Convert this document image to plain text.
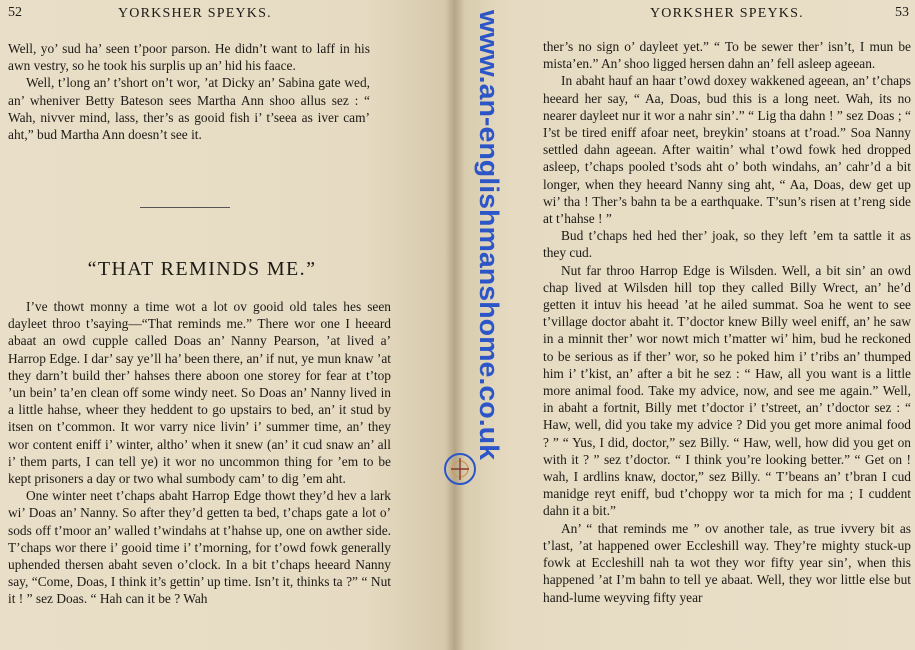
52	YORKSHER SPEYKS.

Well, yo’ sud ha’ seen t’poor parson. He didn’t want to laff in his awn vestry, so he took his surplis up an’ hid his faace.

Well, t’long an’ t’short on’t wor, ’at Dicky an’ Sabina gate wed, an’ wheniver Betty Bateson sees Martha Ann shoo allus sez : “ Wah, nivver mind, lass, ther’s as gooid fish i’ t’seea as iver cam’ aht,” bud Martha Ann doesn’t see it.

“THAT REMINDS ME.”

I’ve thowt monny a time wot a lot ov gooid old tales hes seen dayleet throo t’saying—“That reminds me.” There wor one I heeard abaat an owd cupple called Doas an’ Nanny Pearson, ’at lived a’ Harrop Edge. I dar’ say ye’ll ha’ been there, an’ if nut, ye mun knaw ’at they darn’t build ther’ hahses there aboon one storey for fear at t’top ’un bein’ ta’en clean off some windy neet. So Doas an’ Nanny lived in a little hahse, wheer they heddent to go upstairs to bed, an’ it stud by itsen on t’common. It wor varry nice livin’ i’ summer time, an’ they wor content eniff i’ winter, altho’ when it snew (an’ it cud snaw an’ all i’ them parts, I can tell ye) it wor no uncommon thing for ’em to be kept prisoners a day or two whal sumbody cam’ to dig ’em aht.

One winter neet t’chaps abaht Harrop Edge thowt they’d hev a lark wi’ Doas an’ Nanny. So after they’d getten ta bed, t’chaps gate a lot o’ sods off t’moor an’ walled t’windahs at t’hahse up, one on awther side. T’chaps wor there i’ gooid time i’ t’morning, for t’owd fowk generally uphended thersen abaht seven o’clock. In a bit t’chaps heeard Nanny say, “Come, Doas, I think it’s gettin’ up time. Isn’t it, thinks ta ?” “ Nut it ! ” sez Doas. “ Hah can it be ? Wah

YORKSHER SPEYKS.	53

ther’s no sign o’ dayleet yet.” “ To be sewer ther’ isn’t, I mun be mista’en.” An’ shoo ligged hersen dahn an’ fell asleep ageean.

In abaht hauf an haar t’owd doxey wakkened ageean, an’ t’chaps heeard her say, “ Aa, Doas, bud this is a long neet. Wah, its no nearer dayleet nur it wor a nahr sin’.” “ Lig tha dahn ! ” sez Doas ; “ I’st be tired eniff afoar neet, breykin’ stoans at t’road.” Soa Nanny settled dahn ageean. After waitin’ whal t’owd fowk hed dropped asleep, t’chaps pooled t’sods aht o’ both windahs, an’ cahr’d a bit longer, when they heeard Nanny sing aht, “ Aa, Doas, dew get up wi’ tha ! Ther’s bahn ta be a earthquake. T’sun’s risen at t’reng side at t’hahse ! ”

Bud t’chaps hed hed ther’ joak, so they left ’em ta sattle it as they cud.

Nut far throo Harrop Edge is Wilsden. Well, a bit sin’ an owd chap lived at Wilsden hill top they called Billy Wrect, an’ he’d getten it intuv his heead ’at he ailed summat. Soa he went to see t’village doctor abaht it. T’doctor knew Billy weel eniff, an’ he saw in a minnit ther’ wor nowt mich t’matter wi’ him, bud he reckoned to be serious as if ther’ wor, so he poked him i’ t’ribs an’ thumped him i’ t’kist, an’ after a bit he sez : “ Haw, all you want is a little more animal food. Take my advice, now, and see me again.” Well, in abaht a fortnit, Billy met t’doctor i’ t’street, an’ t’doctor sez : “ Haw, well, did you take my advice ? Did you get more animal food ? ” “ Yus, I did, doctor,” sez Billy. “ Haw, well, how did you get on with it ? ” sez t’doctor. “ I think you’re looking better.” “ Get on ! wah, I ardlins knaw, doctor,” sez Billy. “ T’beans an’ t’bran I cud manidge reyt eniff, bud t’choppy wor ta mich for ma ; I cuddent dahn it a bit.”

An’ “ that reminds me ” ov another tale, as true ivvery bit as t’last, ’at happened ower Eccleshill way. They’re mighty stuck-up fowk at Eccleshill nah ta wot they wor fifty year sin’, when this happened ’at I’m bahn to tell ye abaat. Well, they wor little else but hand-lume weyving fifty year

www.an-englishmanshome.co.uk
